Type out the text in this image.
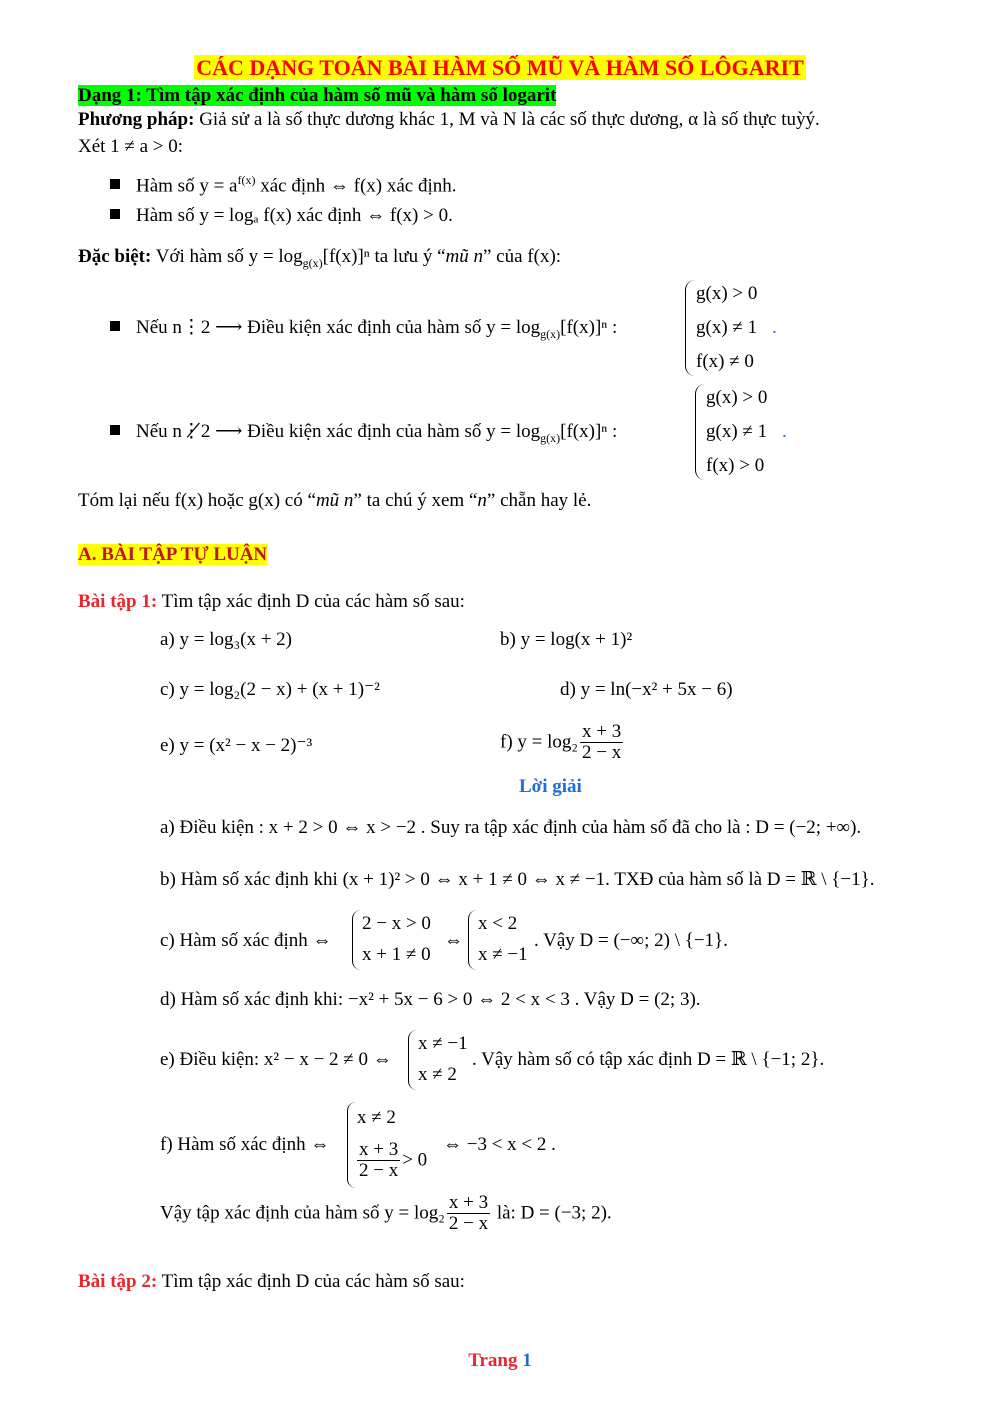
CÁC DẠNG TOÁN BÀI HÀM SỐ MŨ VÀ HÀM SỐ LÔGARIT
Dạng 1: Tìm tập xác định của hàm số mũ và hàm số logarit
Phương pháp: Giả sử a là số thực dương khác 1, M và N là các số thực dương, α là số thực tuỳý.
Xét 1 ≠ a > 0:
Hàm số $y = a^{f(x)}$ xác định ⇔ f(x) xác định.
Hàm số y = logₐ f(x) xác định ⇔ f(x) > 0.
Đặc biệt: Với hàm số $y = \log_{g(x)}[f(x)]^n$ ta lưu ý “mũ n” của f(x):
Nếu n⋮2 ⟶ Điều kiện xác định của hàm số $y = \log_{g(x)}[f(x)]^n$ :
g(x) > 0
g(x) ≠ 1 .
f(x) ≠ 0
Nếu n⋮̸2 ⟶ Điều kiện xác định của hàm số $y = \log_{g(x)}[f(x)]^n$ :
g(x) > 0
g(x) ≠ 1 .
f(x) > 0
Tóm lại nếu f(x) hoặc g(x) có “mũ n” ta chú ý xem “n” chẵn hay lẻ.
A. BÀI TẬP TỰ LUẬN
Bài tập 1: Tìm tập xác định D của các hàm số sau:
a) y = log₃(x + 2)	b) y = log(x + 1)²
c) y = log₂(2 − x) + (x + 1)⁻²	d) y = ln(−x² + 5x − 6)
e) y = (x² − x − 2)⁻³	f) $y = \log_2 \frac{x + 3}{2 - x}$
Lời giải
a) Điều kiện : x + 2 > 0 ⇔ x > −2 . Suy ra tập xác định của hàm số đã cho là : D = (−2; +∞).
b) Hàm số xác định khi (x + 1)² > 0 ⇔ x + 1 ≠ 0 ⇔ x ≠ −1. TXĐ của hàm số là D = ℝ \ {−1}.
c) Hàm số xác định ⇔
2 − x > 0
x + 1 ≠ 0
⇔
x < 2
x ≠ −1
. Vậy D = (−∞; 2) \ {−1}.
d) Hàm số xác định khi: −x² + 5x − 6 > 0 ⇔ 2 < x < 3 . Vậy D = (2; 3).
e) Điều kiện: x² − x − 2 ≠ 0 ⇔
x ≠ −1
x ≠ 2
. Vậy hàm số có tập xác định D = ℝ \ {−1; 2}.
f) Hàm số xác định ⇔
x ≠ 2
$\frac{x + 3}{2 - x} > 0$
⇔ −3 < x < 2 .
Vậy tập xác định của hàm số $y = \log_2 \frac{x + 3}{2 - x}$ là: D = (−3; 2).
Bài tập 2: Tìm tập xác định D của các hàm số sau:
Trang 1
